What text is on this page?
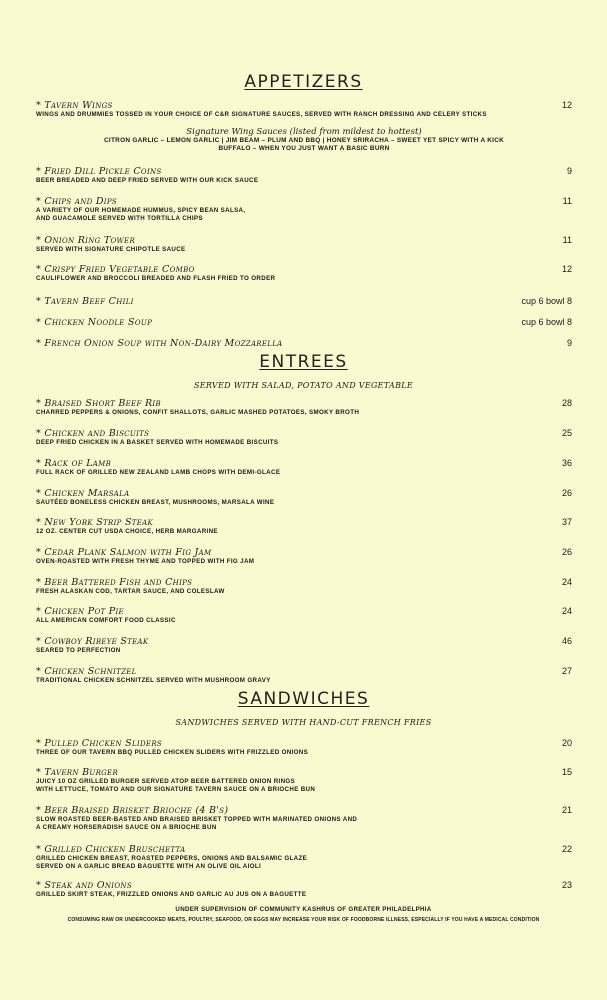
APPETIZERS
* Tavern Wings
WINGS AND DRUMMIES TOSSED IN YOUR CHOICE OF C&R SIGNATURE SAUCES, SERVED WITH RANCH DRESSING AND CELERY STICKS
12
Signature Wing Sauces (listed from mildest to hottest)
CITRON GARLIC – LEMON GARLIC | JIM BEAM – PLUM AND BBQ | HONEY SRIRACHA – SWEET YET SPICY WITH A KICK
BUFFALO – WHEN YOU JUST WANT A BASIC BURN
* Fried Dill Pickle Coins
BEER BREADED AND DEEP FRIED SERVED WITH OUR KICK SAUCE
9
* Chips and Dips
A VARIETY OF OUR HOMEMADE HUMMUS, SPICY BEAN SALSA,
AND GUACAMOLE SERVED WITH TORTILLA CHIPS
11
* Onion Ring Tower
SERVED WITH SIGNATURE CHIPOTLE SAUCE
11
* Crispy Fried Vegetable Combo
CAULIFLOWER AND BROCCOLI BREADED AND FLASH FRIED TO ORDER
12
* Tavern Beef Chili	cup 6 bowl 8
* Chicken Noodle Soup	cup 6 bowl 8
* French Onion Soup with Non-Dairy Mozzarella	9
ENTREES
SERVED WITH SALAD, POTATO AND VEGETABLE
* Braised Short Beef Rib
CHARRED PEPPERS & ONIONS, CONFIT SHALLOTS, GARLIC MASHED POTATOES, SMOKY BROTH
28
* Chicken and Biscuits
DEEP FRIED CHICKEN IN A BASKET SERVED WITH HOMEMADE BISCUITS
25
* Rack of Lamb
FULL RACK OF GRILLED NEW ZEALAND LAMB CHOPS WITH DEMI-GLACE
36
* Chicken Marsala
SAUTÉED BONELESS CHICKEN BREAST, MUSHROOMS, MARSALA WINE
26
* New York Strip Steak
12 OZ. CENTER CUT USDA CHOICE, HERB MARGARINE
37
* Cedar Plank Salmon with Fig Jam
OVEN-ROASTED WITH FRESH THYME AND TOPPED WITH FIG JAM
26
* Beer Battered Fish and Chips
FRESH ALASKAN COD, TARTAR SAUCE, AND COLESLAW
24
* Chicken Pot Pie
ALL AMERICAN COMFORT FOOD CLASSIC
24
* Cowboy Ribeye Steak
SEARED TO PERFECTION
46
* Chicken Schnitzel
TRADITIONAL CHICKEN SCHNITZEL SERVED WITH MUSHROOM GRAVY
27
SANDWICHES
SANDWICHES SERVED WITH HAND-CUT FRENCH FRIES
* Pulled Chicken Sliders
THREE OF OUR TAVERN BBQ PULLED CHICKEN SLIDERS WITH FRIZZLED ONIONS
20
* Tavern Burger
JUICY 10 OZ GRILLED BURGER SERVED ATOP BEER BATTERED ONION RINGS
WITH LETTUCE, TOMATO AND OUR SIGNATURE TAVERN SAUCE ON A BRIOCHE BUN
15
* Beer Braised Brisket Brioche (4 B's)
SLOW ROASTED BEER-BASTED AND BRAISED BRISKET TOPPED WITH MARINATED ONIONS AND
A CREAMY HORSERADISH SAUCE ON A BRIOCHE BUN
21
* Grilled Chicken Bruschetta
GRILLED CHICKEN BREAST, ROASTED PEPPERS, ONIONS AND BALSAMIC GLAZE
SERVED ON A GARLIC BREAD BAGUETTE WITH AN OLIVE OIL AIOLI
22
* Steak and Onions
GRILLED SKIRT STEAK, FRIZZLED ONIONS AND GARLIC AU JUS ON A BAGUETTE
23
UNDER SUPERVISION OF COMMUNITY KASHRUS OF GREATER PHILADELPHIA
CONSUMING RAW OR UNDERCOOKED MEATS, POULTRY, SEAFOOD, OR EGGS MAY INCREASE YOUR RISK OF FOODBORNE ILLNESS, ESPECIALLY IF YOU HAVE A MEDICAL CONDITION
